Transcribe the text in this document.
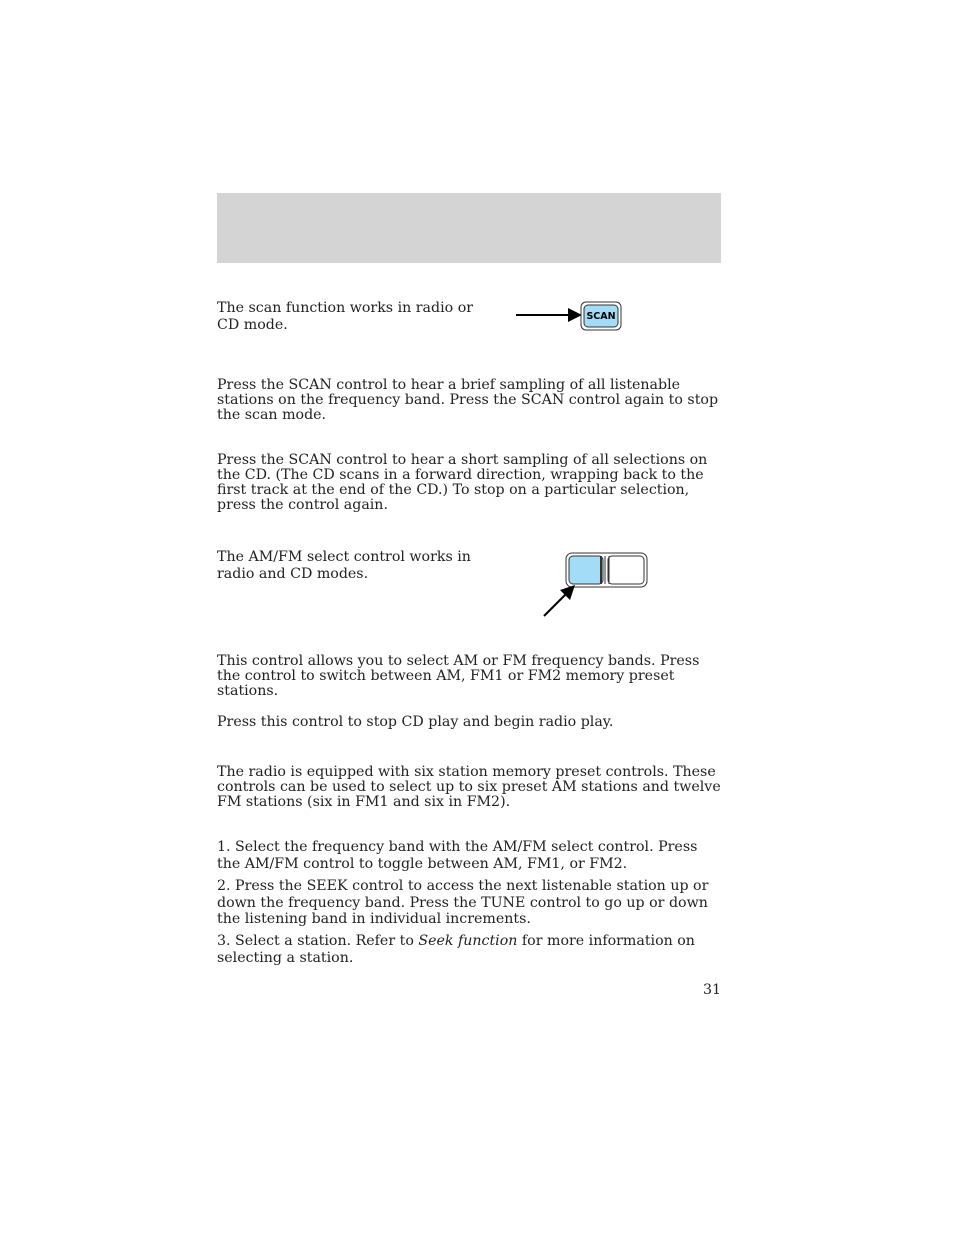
The scan function works in radio or CD mode.	SCAN

Press the SCAN control to hear a brief sampling of all listenable stations on the frequency band. Press the SCAN control again to stop the scan mode.

Press the SCAN control to hear a short sampling of all selections on the CD. (The CD scans in a forward direction, wrapping back to the first track at the end of the CD.) To stop on a particular selection, press the control again.

The AM/FM select control works in radio and CD modes.

This control allows you to select AM or FM frequency bands. Press the control to switch between AM, FM1 or FM2 memory preset stations.

Press this control to stop CD play and begin radio play.

The radio is equipped with six station memory preset controls. These controls can be used to select up to six preset AM stations and twelve FM stations (six in FM1 and six in FM2).

1. Select the frequency band with the AM/FM select control. Press the AM/FM control to toggle between AM, FM1, or FM2.

2. Press the SEEK control to access the next listenable station up or down the frequency band. Press the TUNE control to go up or down the listening band in individual increments.

3. Select a station. Refer to Seek function for more information on selecting a station.

31
